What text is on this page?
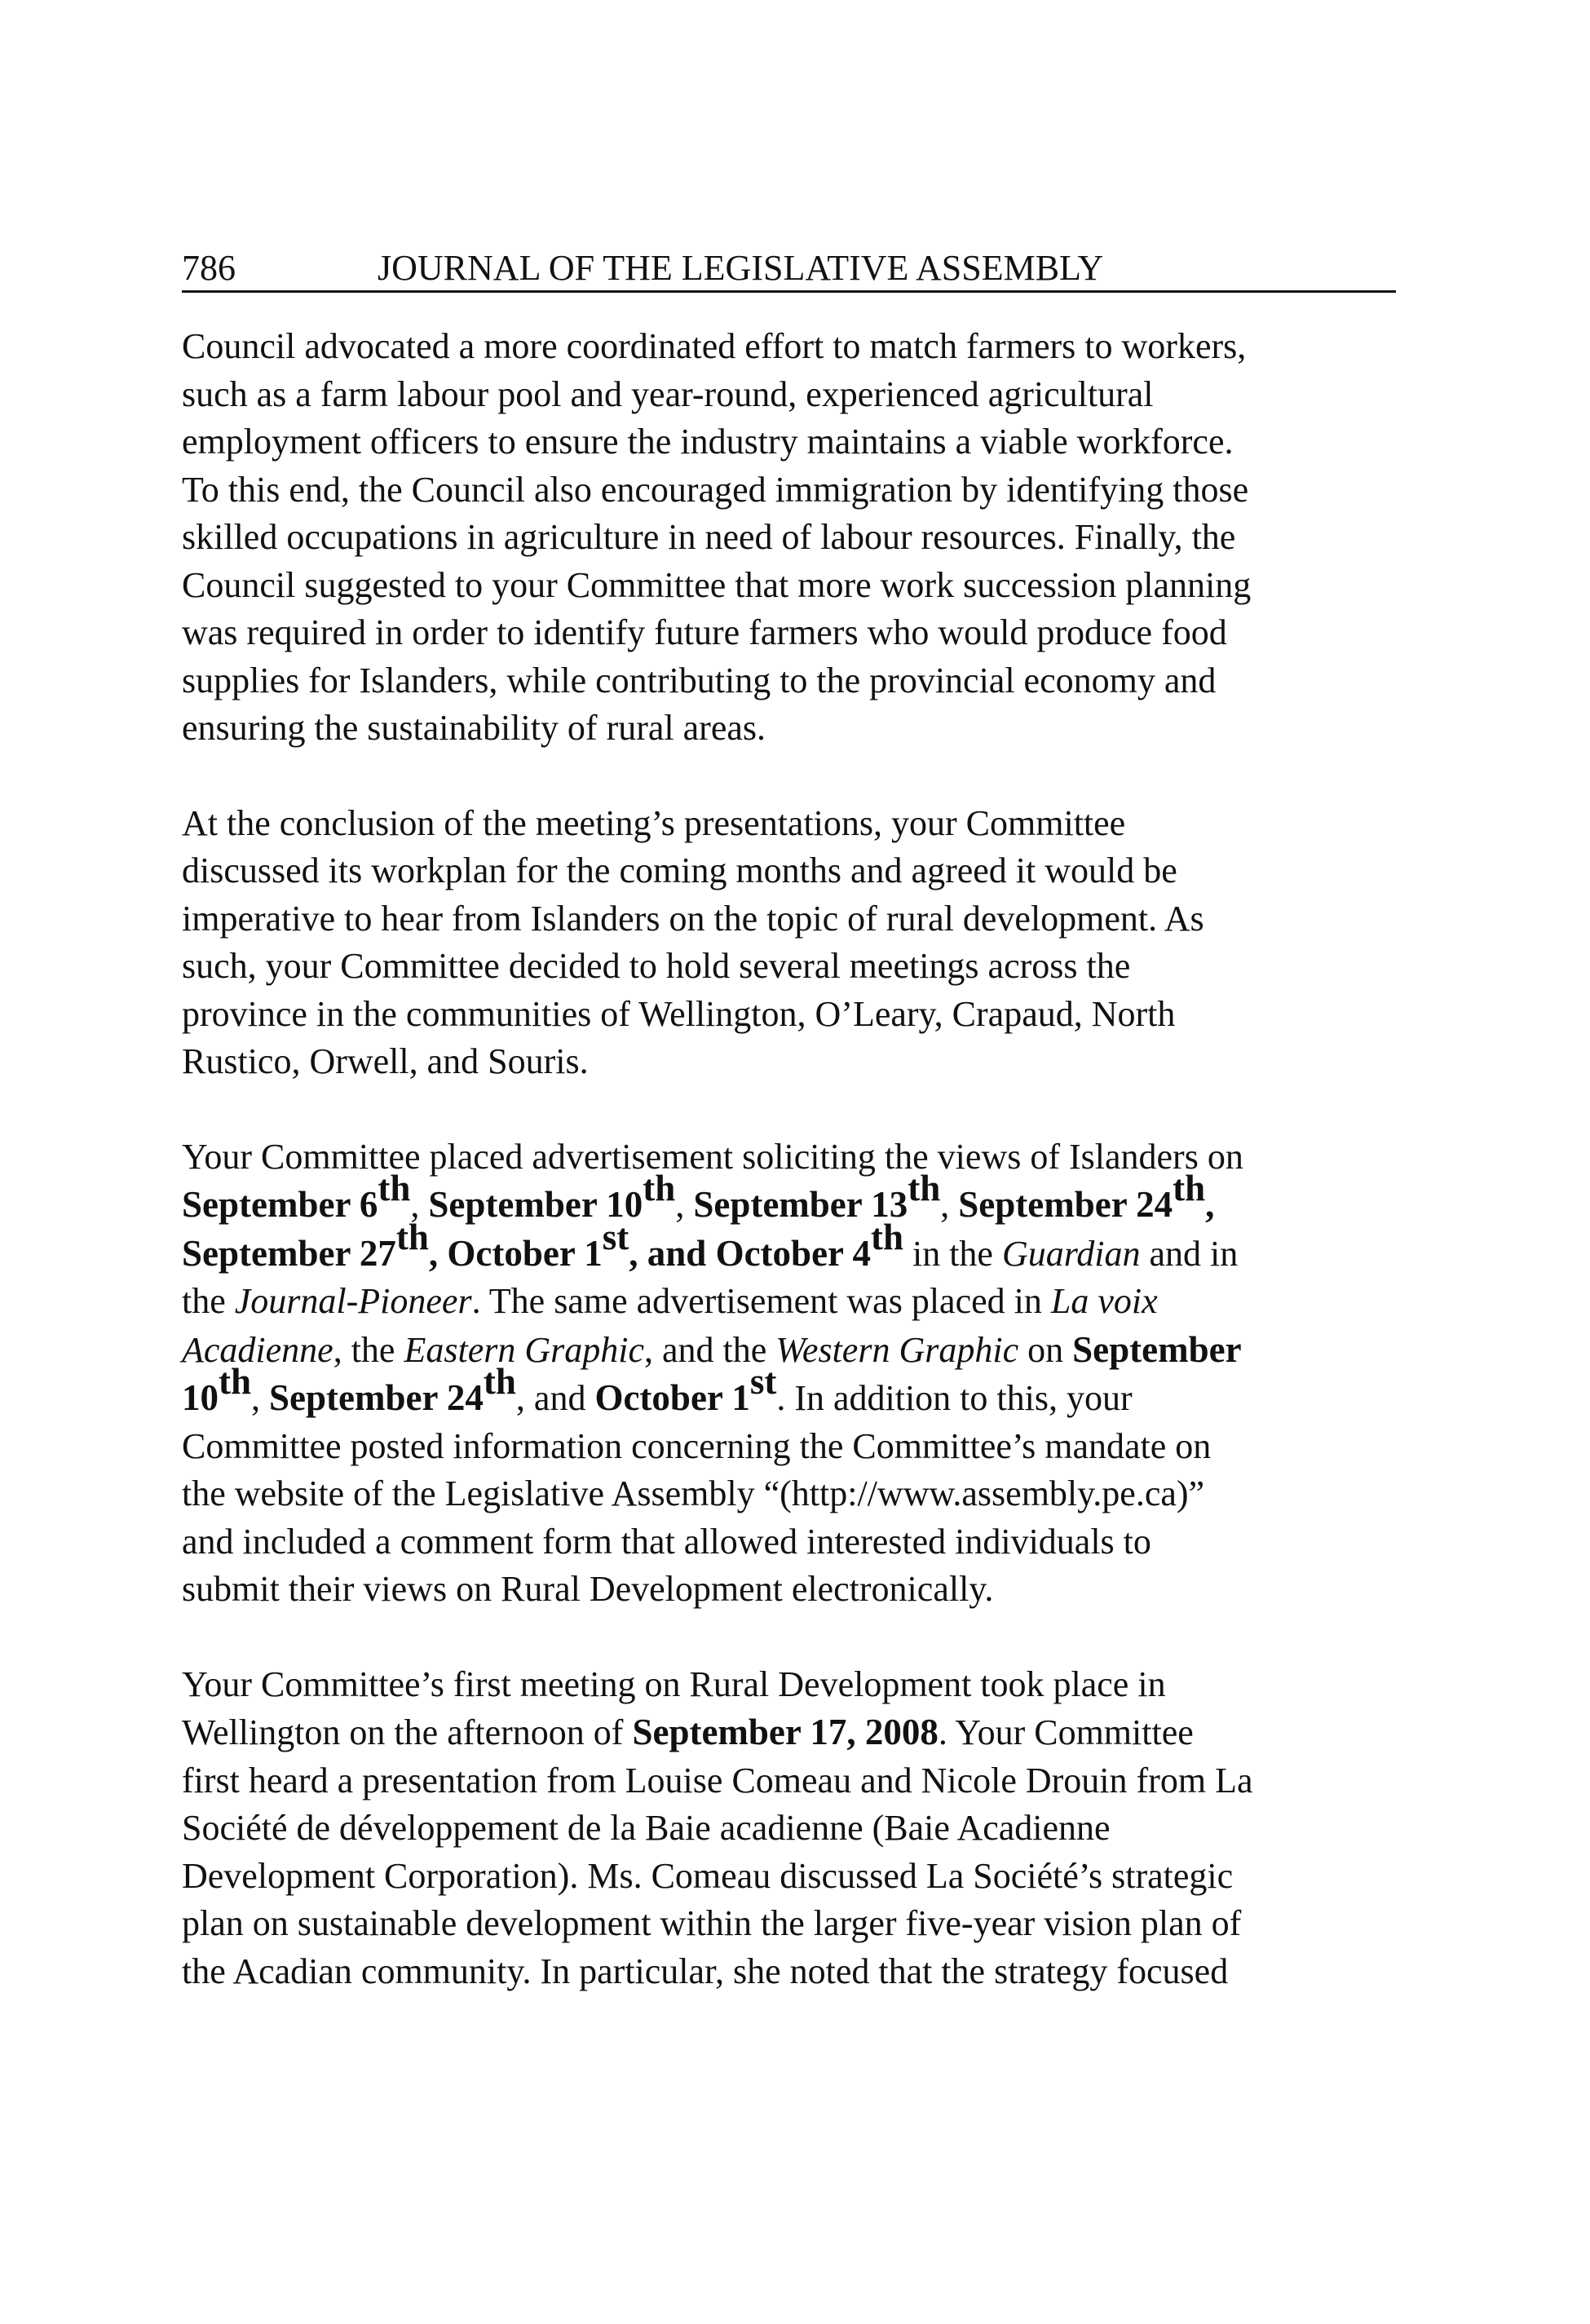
786	JOURNAL OF THE LEGISLATIVE ASSEMBLY

Council advocated a more coordinated effort to match farmers to workers,
such as a farm labour pool and year-round, experienced agricultural
employment officers to ensure the industry maintains a viable workforce.
To this end, the Council also encouraged immigration by identifying those
skilled occupations in agriculture in need of labour resources. Finally, the
Council suggested to your Committee that more work succession planning
was required in order to identify future farmers who would produce food
supplies for Islanders, while contributing to the provincial economy and
ensuring the sustainability of rural areas.

At the conclusion of the meeting’s presentations, your Committee
discussed its workplan for the coming months and agreed it would be
imperative to hear from Islanders on the topic of rural development. As
such, your Committee decided to hold several meetings across the
province in the communities of Wellington, O’Leary, Crapaud, North
Rustico, Orwell, and Souris.

Your Committee placed advertisement soliciting the views of Islanders on
September 6th, September 10th, September 13th, September 24th,
September 27th, October 1st, and October 4th in the Guardian and in
the Journal-Pioneer. The same advertisement was placed in La voix
Acadienne, the Eastern Graphic, and the Western Graphic on September
10th, September 24th, and October 1st. In addition to this, your
Committee posted information concerning the Committee’s mandate on
the website of the Legislative Assembly “(http://www.assembly.pe.ca)”
and included a comment form that allowed interested individuals to
submit their views on Rural Development electronically.

Your Committee’s first meeting on Rural Development took place in
Wellington on the afternoon of September 17, 2008. Your Committee
first heard a presentation from Louise Comeau and Nicole Drouin from La
Société de développement de la Baie acadienne (Baie Acadienne
Development Corporation). Ms. Comeau discussed La Société’s strategic
plan on sustainable development within the larger five-year vision plan of
the Acadian community. In particular, she noted that the strategy focused
